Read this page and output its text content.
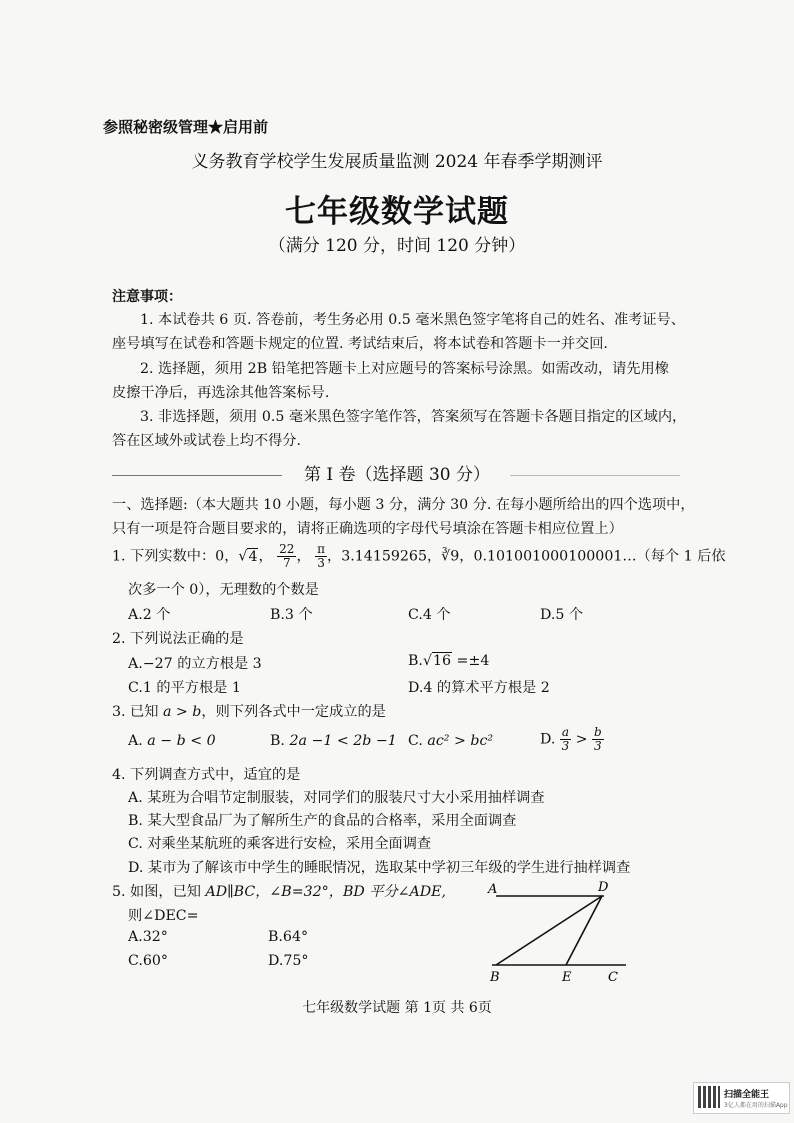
参照秘密级管理★启用前
义务教育学校学生发展质量监测 2024 年春季学期测评
七年级数学试题
（满分 120 分，时间 120 分钟）
注意事项：
1. 本试卷共 6 页. 答卷前，考生务必用 0.5 毫米黑色签字笔将自己的姓名、准考证号、
座号填写在试卷和答题卡规定的位置. 考试结束后，将本试卷和答题卡一并交回.
2. 选择题，须用 2B 铅笔把答题卡上对应题号的答案标号涂黑。如需改动，请先用橡
皮擦干净后，再选涂其他答案标号.
3. 非选择题，须用 0.5 毫米黑色签字笔作答，答案须写在答题卡各题目指定的区域内，
答在区域外或试卷上均不得分.
第 I 卷（选择题 30 分）
一、选择题:（本大题共 10 小题，每小题 3 分，满分 30 分. 在每小题所给出的四个选项中，
只有一项是符合题目要求的，请将正确选项的字母代号填涂在答题卡相应位置上）
1. 下列实数中：0，√4， $\frac{22}{7}$ ， $\frac{\pi}{3}$ ，3.14159265，∛9，0.101001000100001…（每个 1 后依
次多一个 0），无理数的个数是
A.2 个	B.3 个	C.4 个	D.5 个
2. 下列说法正确的是
A.−27 的立方根是 3	B.√16 =±4
C.1 的平方根是 1	D.4 的算术平方根是 2
3. 已知 a > b，则下列各式中一定成立的是
A. a − b < 0	B. 2a −1 < 2b −1 C. ac² > bc²	D. $\frac{a}{3} > \frac{b}{3}$
4. 下列调查方式中，适宜的是
A. 某班为合唱节定制服装，对同学们的服装尺寸大小采用抽样调查
B. 某大型食品厂为了解所生产的食品的合格率，采用全面调查
C. 对乘坐某航班的乘客进行安检，采用全面调查
D. 某市为了解该市中学生的睡眠情况，选取某中学初三年级的学生进行抽样调查
5. 如图，已知 AD∥BC，∠B=32°，BD 平分∠ADE,
则∠DEC=
A.32°	B.64°
C.60°	D.75°
A	D
B	E	C
七年级数学试题 第 1页 共 6页
扫描全能王
3亿人都在用的扫描App
